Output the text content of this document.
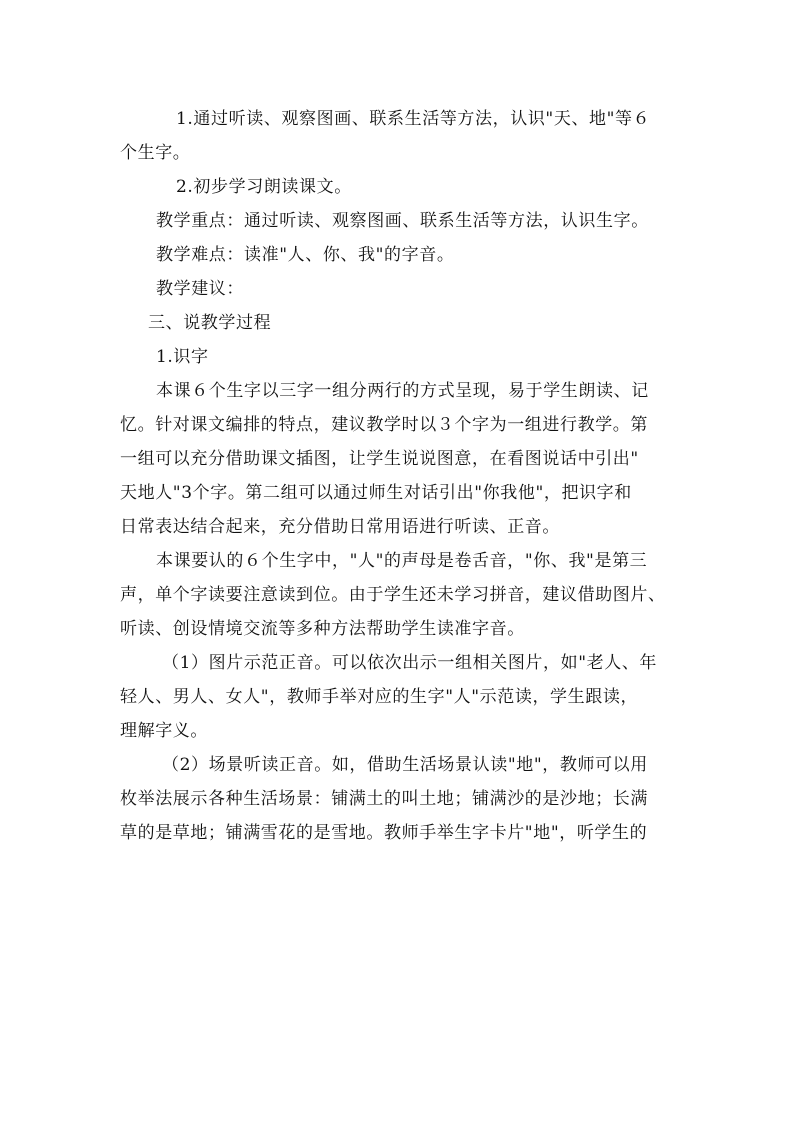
1.通过听读、观察图画、联系生活等方法，认识"天、地"等６
个生字。
2.初步学习朗读课文。
教学重点：通过听读、观察图画、联系生活等方法，认识生字。
教学难点：读准"人、你、我"的字音。
教学建议：
三、说教学过程
1.识字
本课６个生字以三字一组分两行的方式呈现，易于学生朗读、记
忆。针对课文编排的特点，建议教学时以３个字为一组进行教学。第
一组可以充分借助课文插图，让学生说说图意，在看图说话中引出"
天地人"3个字。第二组可以通过师生对话引出"你我他"，把识字和
日常表达结合起来，充分借助日常用语进行听读、正音。
本课要认的６个生字中，"人"的声母是卷舌音，"你、我"是第三
声，单个字读要注意读到位。由于学生还未学习拼音，建议借助图片、
听读、创设情境交流等多种方法帮助学生读准字音。
（1）图片示范正音。可以依次出示一组相关图片，如"老人、年
轻人、男人、女人"，教师手举对应的生字"人"示范读，学生跟读，
理解字义。
（2）场景听读正音。如，借助生活场景认读"地"，教师可以用
枚举法展示各种生活场景：铺满土的叫土地；铺满沙的是沙地；长满
草的是草地；铺满雪花的是雪地。教师手举生字卡片"地"，听学生的
